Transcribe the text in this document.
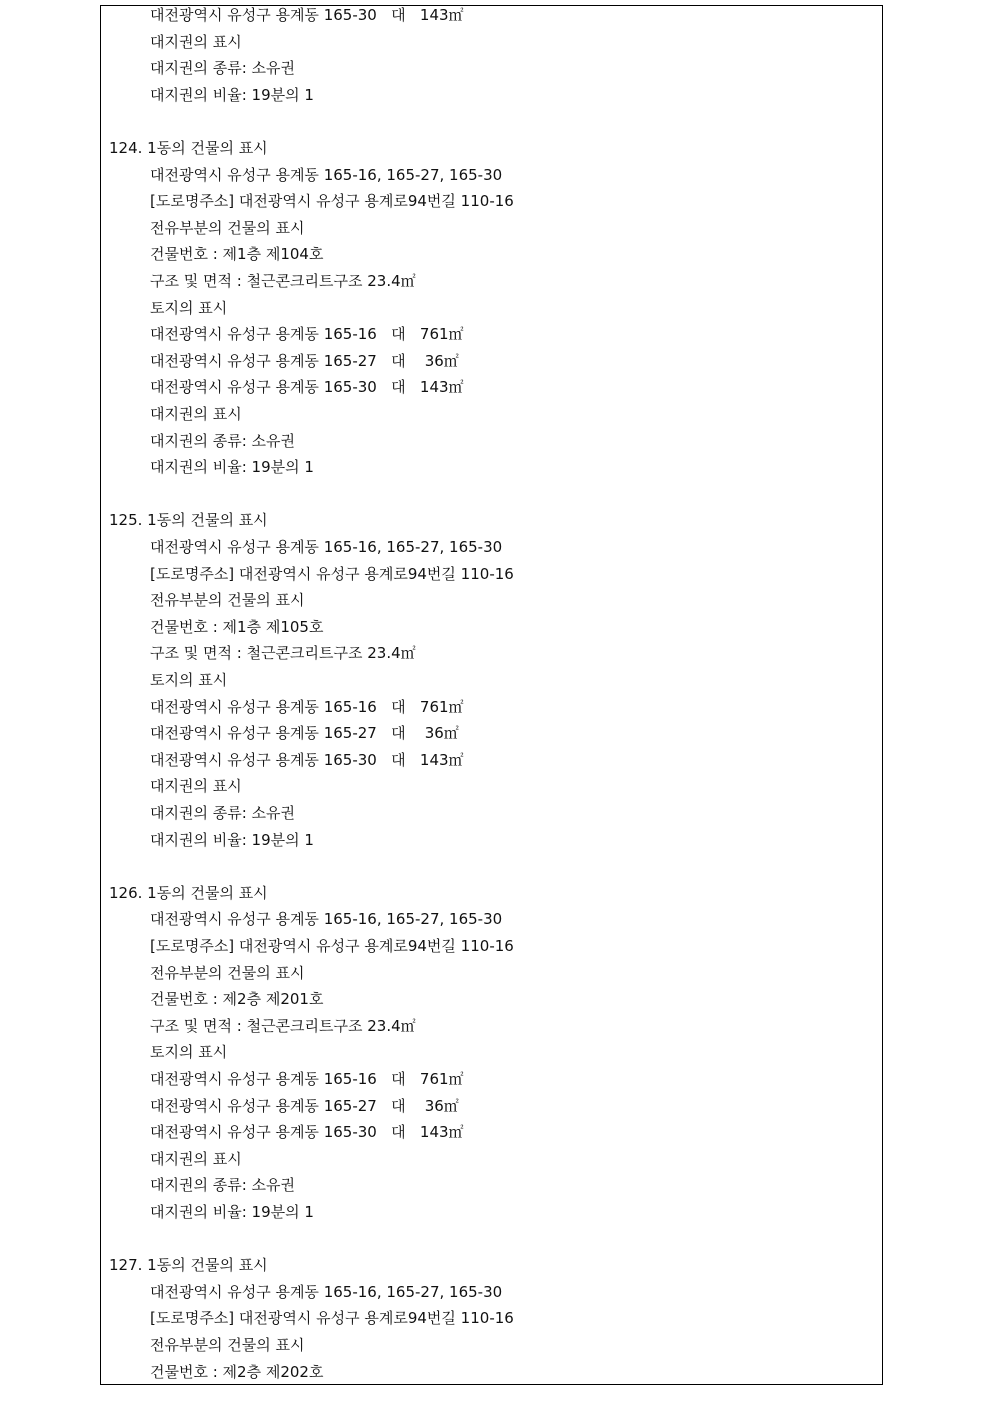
대전광역시 유성구 용계동 165-30   대   143㎡
대지권의 표시
대지권의 종류: 소유권
대지권의 비율: 19분의 1
124. 1동의 건물의 표시
대전광역시 유성구 용계동 165-16, 165-27, 165-30
[도로명주소] 대전광역시 유성구 용계로94번길 110-16
전유부분의 건물의 표시
건물번호 : 제1층 제104호
구조 및 면적 : 철근콘크리트구조 23.4㎡
토지의 표시
대전광역시 유성구 용계동 165-16   대   761㎡
대전광역시 유성구 용계동 165-27   대    36㎡
대전광역시 유성구 용계동 165-30   대   143㎡
대지권의 표시
대지권의 종류: 소유권
대지권의 비율: 19분의 1
125. 1동의 건물의 표시
대전광역시 유성구 용계동 165-16, 165-27, 165-30
[도로명주소] 대전광역시 유성구 용계로94번길 110-16
전유부분의 건물의 표시
건물번호 : 제1층 제105호
구조 및 면적 : 철근콘크리트구조 23.4㎡
토지의 표시
대전광역시 유성구 용계동 165-16   대   761㎡
대전광역시 유성구 용계동 165-27   대    36㎡
대전광역시 유성구 용계동 165-30   대   143㎡
대지권의 표시
대지권의 종류: 소유권
대지권의 비율: 19분의 1
126. 1동의 건물의 표시
대전광역시 유성구 용계동 165-16, 165-27, 165-30
[도로명주소] 대전광역시 유성구 용계로94번길 110-16
전유부분의 건물의 표시
건물번호 : 제2층 제201호
구조 및 면적 : 철근콘크리트구조 23.4㎡
토지의 표시
대전광역시 유성구 용계동 165-16   대   761㎡
대전광역시 유성구 용계동 165-27   대    36㎡
대전광역시 유성구 용계동 165-30   대   143㎡
대지권의 표시
대지권의 종류: 소유권
대지권의 비율: 19분의 1
127. 1동의 건물의 표시
대전광역시 유성구 용계동 165-16, 165-27, 165-30
[도로명주소] 대전광역시 유성구 용계로94번길 110-16
전유부분의 건물의 표시
건물번호 : 제2층 제202호
